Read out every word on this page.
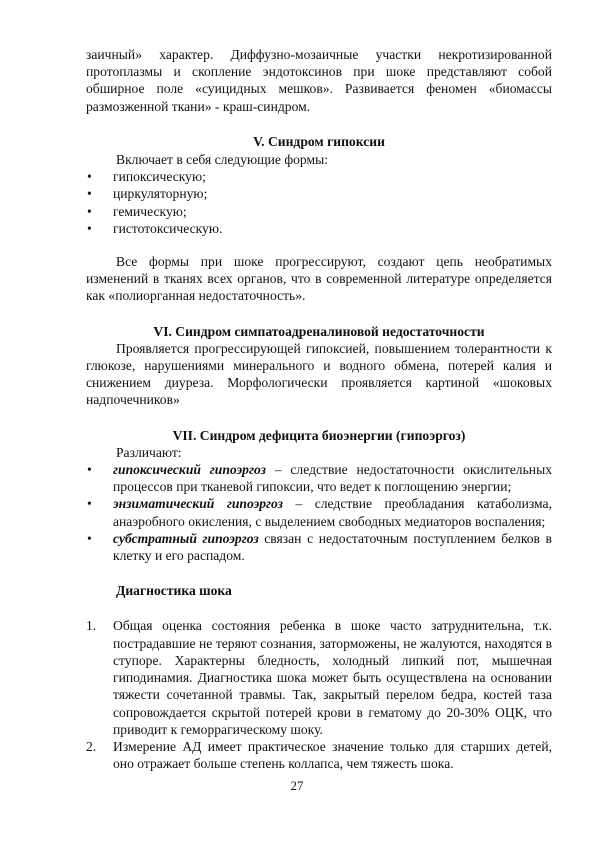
заичный» характер. Диффузно-мозаичные участки некротизированной протоплазмы и скопление эндотоксинов при шоке представляют собой обширное поле «суицидных мешков». Развивается феномен «биомассы размозженной ткани» - краш-синдром.

V. Синдром гипоксии

Включает в себя следующие формы:

• гипоксическую;
• циркуляторную;
• гемическую;
• гистотоксическую.

Все формы при шоке прогрессируют, создают цепь необратимых изменений в тканях всех органов, что в современной литературе определяется как «полиорганная недостаточность».

VI. Синдром симпатоадреналиновой недостаточности

Проявляется прогрессирующей гипоксией, повышением толерантности к глюкозе, нарушениями минерального и водного обмена, потерей калия и снижением диуреза. Морфологически проявляется картиной «шоковых надпочечников»

VII. Синдром дефицита биоэнергии (гипоэргоз)

Различают:

• гипоксический гипоэргоз – следствие недостаточности окислительных процессов при тканевой гипоксии, что ведет к поглощению энергии;
• энзиматический гипоэргоз – следствие преобладания катаболизма, анаэробного окисления, с выделением свободных медиаторов воспаления;
• субстратный гипоэргоз связан с недостаточным поступлением белков в клетку и его распадом.

Диагностика шока

1. Общая оценка состояния ребенка в шоке часто затруднительна, т.к. пострадавшие не теряют сознания, заторможены, не жалуются, находятся в ступоре. Характерны бледность, холодный липкий пот, мышечная гиподинамия. Диагностика шока может быть осуществлена на основании тяжести сочетанной травмы. Так, закрытый перелом бедра, костей таза сопровождается скрытой потерей крови в гематому до 20-30% ОЦК, что приводит к геморрагическому шоку.
2. Измерение АД имеет практическое значение только для старших детей, оно отражает больше степень коллапса, чем тяжесть шока.
27
